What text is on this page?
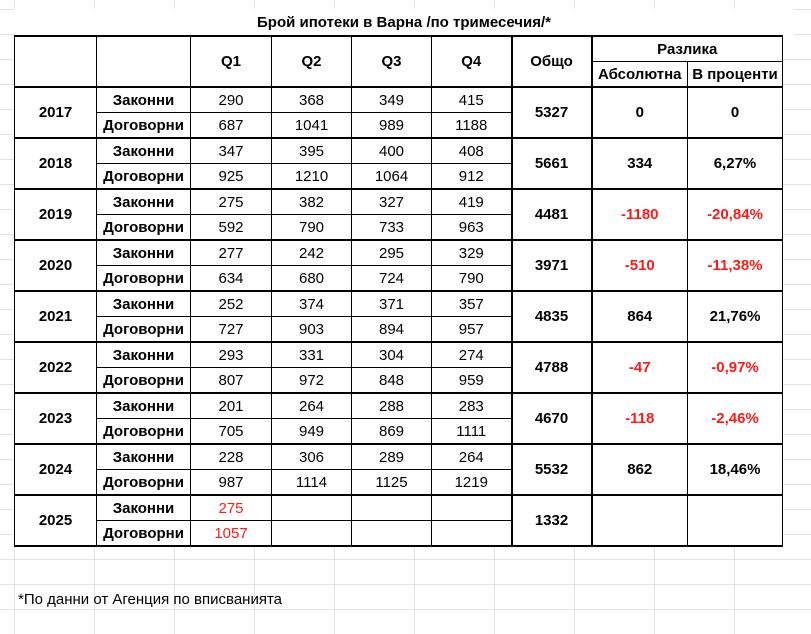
Брой ипотеки в Варна /по тримесечия/*
		Q1	Q2	Q3	Q4	Общо	Разлика	
							Абсолютна	В проценти
2017	Законни	290	368	349	415	5327	0	0
	Договорни	687	1041	989	1188			
2018	Законни	347	395	400	408	5661	334	6,27%
	Договорни	925	1210	1064	912			
2019	Законни	275	382	327	419	4481	-1180	-20,84%
	Договорни	592	790	733	963			
2020	Законни	277	242	295	329	3971	-510	-11,38%
	Договорни	634	680	724	790			
2021	Законни	252	374	371	357	4835	864	21,76%
	Договорни	727	903	894	957			
2022	Законни	293	331	304	274	4788	-47	-0,97%
	Договорни	807	972	848	959			
2023	Законни	201	264	288	283	4670	-118	-2,46%
	Договорни	705	949	869	1111			
2024	Законни	228	306	289	264	5532	862	18,46%
	Договорни	987	1114	1125	1219			
2025	Законни	275				1332		
	Договорни	1057						
*По данни от Агенция по вписванията
